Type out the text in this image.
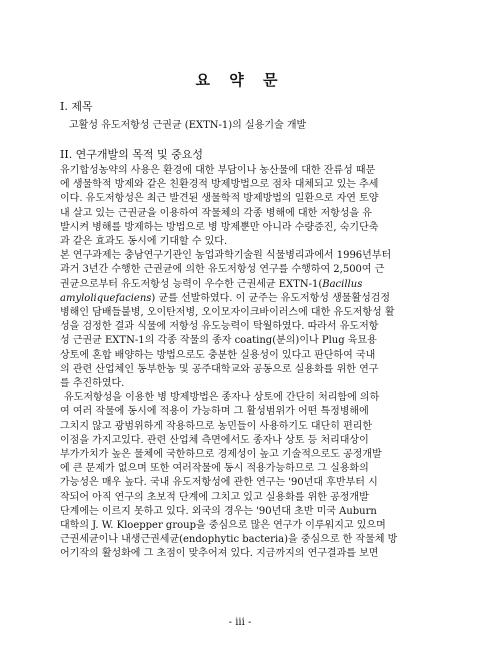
요 약 문
I. 제목
고활성 유도저항성 근권균 (EXTN-1)의 실용기술 개발
II. 연구개발의 목적 및 중요성
유기합성농약의 사용은 환경에 대한 부담이나 농산물에 대한 잔류성 때문
에 생물학적 방제와 같은 친환경적 방제방법으로 점차 대체되고 있는 추세
이다. 유도저항성은 최근 발견된 생물학적 방제방법의 일환으로 자연 토양
내 살고 있는 근권균을 이용하여 작물체의 각종 병해에 대한 저항성을 유
발시켜 병해를 방제하는 방법으로 병 방제뿐만 아니라 수량증진, 숙기단축
과 같은 효과도 동시에 기대할 수 있다.
본 연구과제는 충남연구기관인 농업과학기술원 식물병리과에서 1996년부터
과거 3년간 수행한 근권균에 의한 유도저항성 연구를 수행하여 2,500여 근
권균으로부터 유도저항성 능력이 우수한 근권세균 EXTN-1(Bacillus
amyloliquefaciens) 균를 선발하였다. 이 균주는 유도저항성 생물활성검정
병해인 담배들불병, 오이탄저병, 오이모자이크바이러스에 대한 유도저항성 활
성을 검정한 결과 식물에 저항성 유도능력이 탁월하였다. 따라서 유도저항
성 근권균 EXTN-1의 각종 작물의 종자 coating(분의)이나 Plug 육묘용
상토에 혼합 배양하는 방법으로도 충분한 실용성이 있다고 판단하여 국내
의 관련 산업체인 동부한농 및 공주대학교와 공동으로 실용화를 위한 연구
를 추진하였다.
유도저항성을 이용한 병 방제방법은 종자나 상토에 간단히 처리함에 의하
여 여러 작물에 동시에 적용이 가능하며 그 활성범위가 어떤 특정병해에
그치지 않고 광범위하게 작용하므로 농민들이 사용하기도 대단히 편리한
이점을 가지고있다. 관련 산업체 측면에서도 종자나 상토 등 처리대상이
부가가치가 높은 물체에 국한하므로 경제성이 높고 기술적으로도 공정개발
에 큰 문제가 없으며 또한 여러작물에 동시 적용가능하므로 그 실용화의
가능성은 매우 높다. 국내 유도저항성에 관한 연구는 '90년대 후반부터 시
작되어 아직 연구의 초보적 단계에 그치고 있고 실용화를 위한 공정개발
단계에는 이르지 못하고 있다. 외국의 경우는 '90년대 초반 미국 Auburn
대학의 J. W. Kloepper group을 중심으로 많은 연구가 이루워지고 있으며
근권세균이나 내생근권세균(endophytic bacteria)을 중심으로 한 작물체 방
어기작의 활성화에 그 초점이 맞추어져 있다. 지금까지의 연구결과를 보면
- iii -
